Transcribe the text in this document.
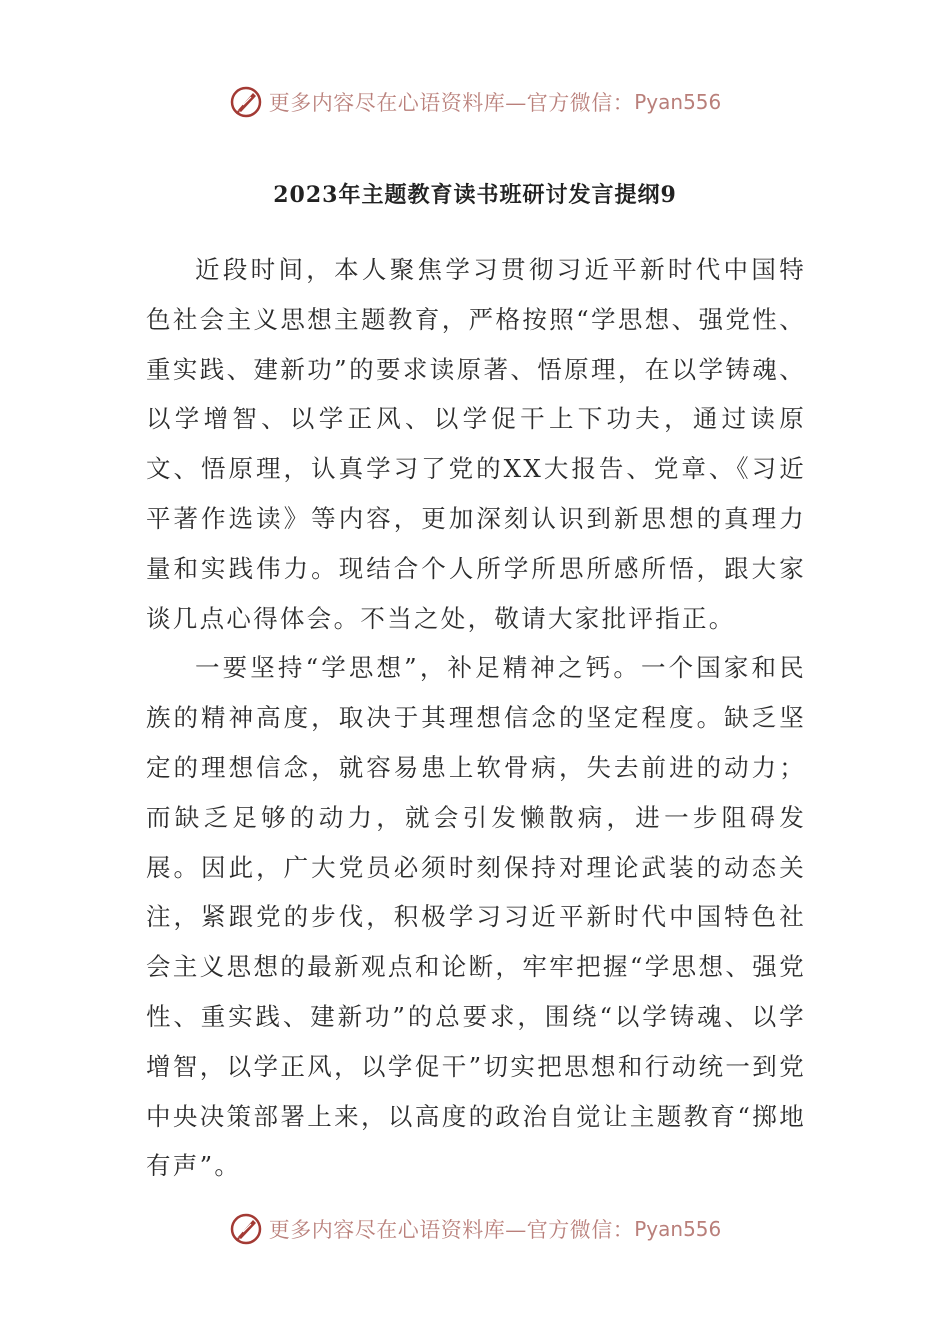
更多内容尽在心语资料库—官方微信： Pyan556
2023年主题教育读书班研讨发言提纲9

近段时间，本人聚焦学习贯彻习近平新时代中国特色社会主义思想主题教育，严格按照“学思想、强党性、重实践、建新功”的要求读原著、悟原理，在以学铸魂、以学增智、以学正风、以学促干上下功夫，通过读原文、悟原理，认真学习了党的XX大报告、党章、《习近平著作选读》等内容，更加深刻认识到新思想的真理力量和实践伟力。现结合个人所学所思所感所悟，跟大家谈几点心得体会。不当之处，敬请大家批评指正。

一要坚持“学思想”，补足精神之钙。一个国家和民族的精神高度，取决于其理想信念的坚定程度。缺乏坚定的理想信念，就容易患上软骨病，失去前进的动力；而缺乏足够的动力，就会引发懒散病，进一步阻碍发展。因此，广大党员必须时刻保持对理论武装的动态关注，紧跟党的步伐，积极学习习近平新时代中国特色社会主义思想的最新观点和论断，牢牢把握“学思想、强党性、重实践、建新功”的总要求，围绕“以学铸魂、以学增智，以学正风，以学促干”切实把思想和行动统一到党中央决策部署上来，以高度的政治自觉让主题教育“掷地有声”。

更多内容尽在心语资料库—官方微信： Pyan556
